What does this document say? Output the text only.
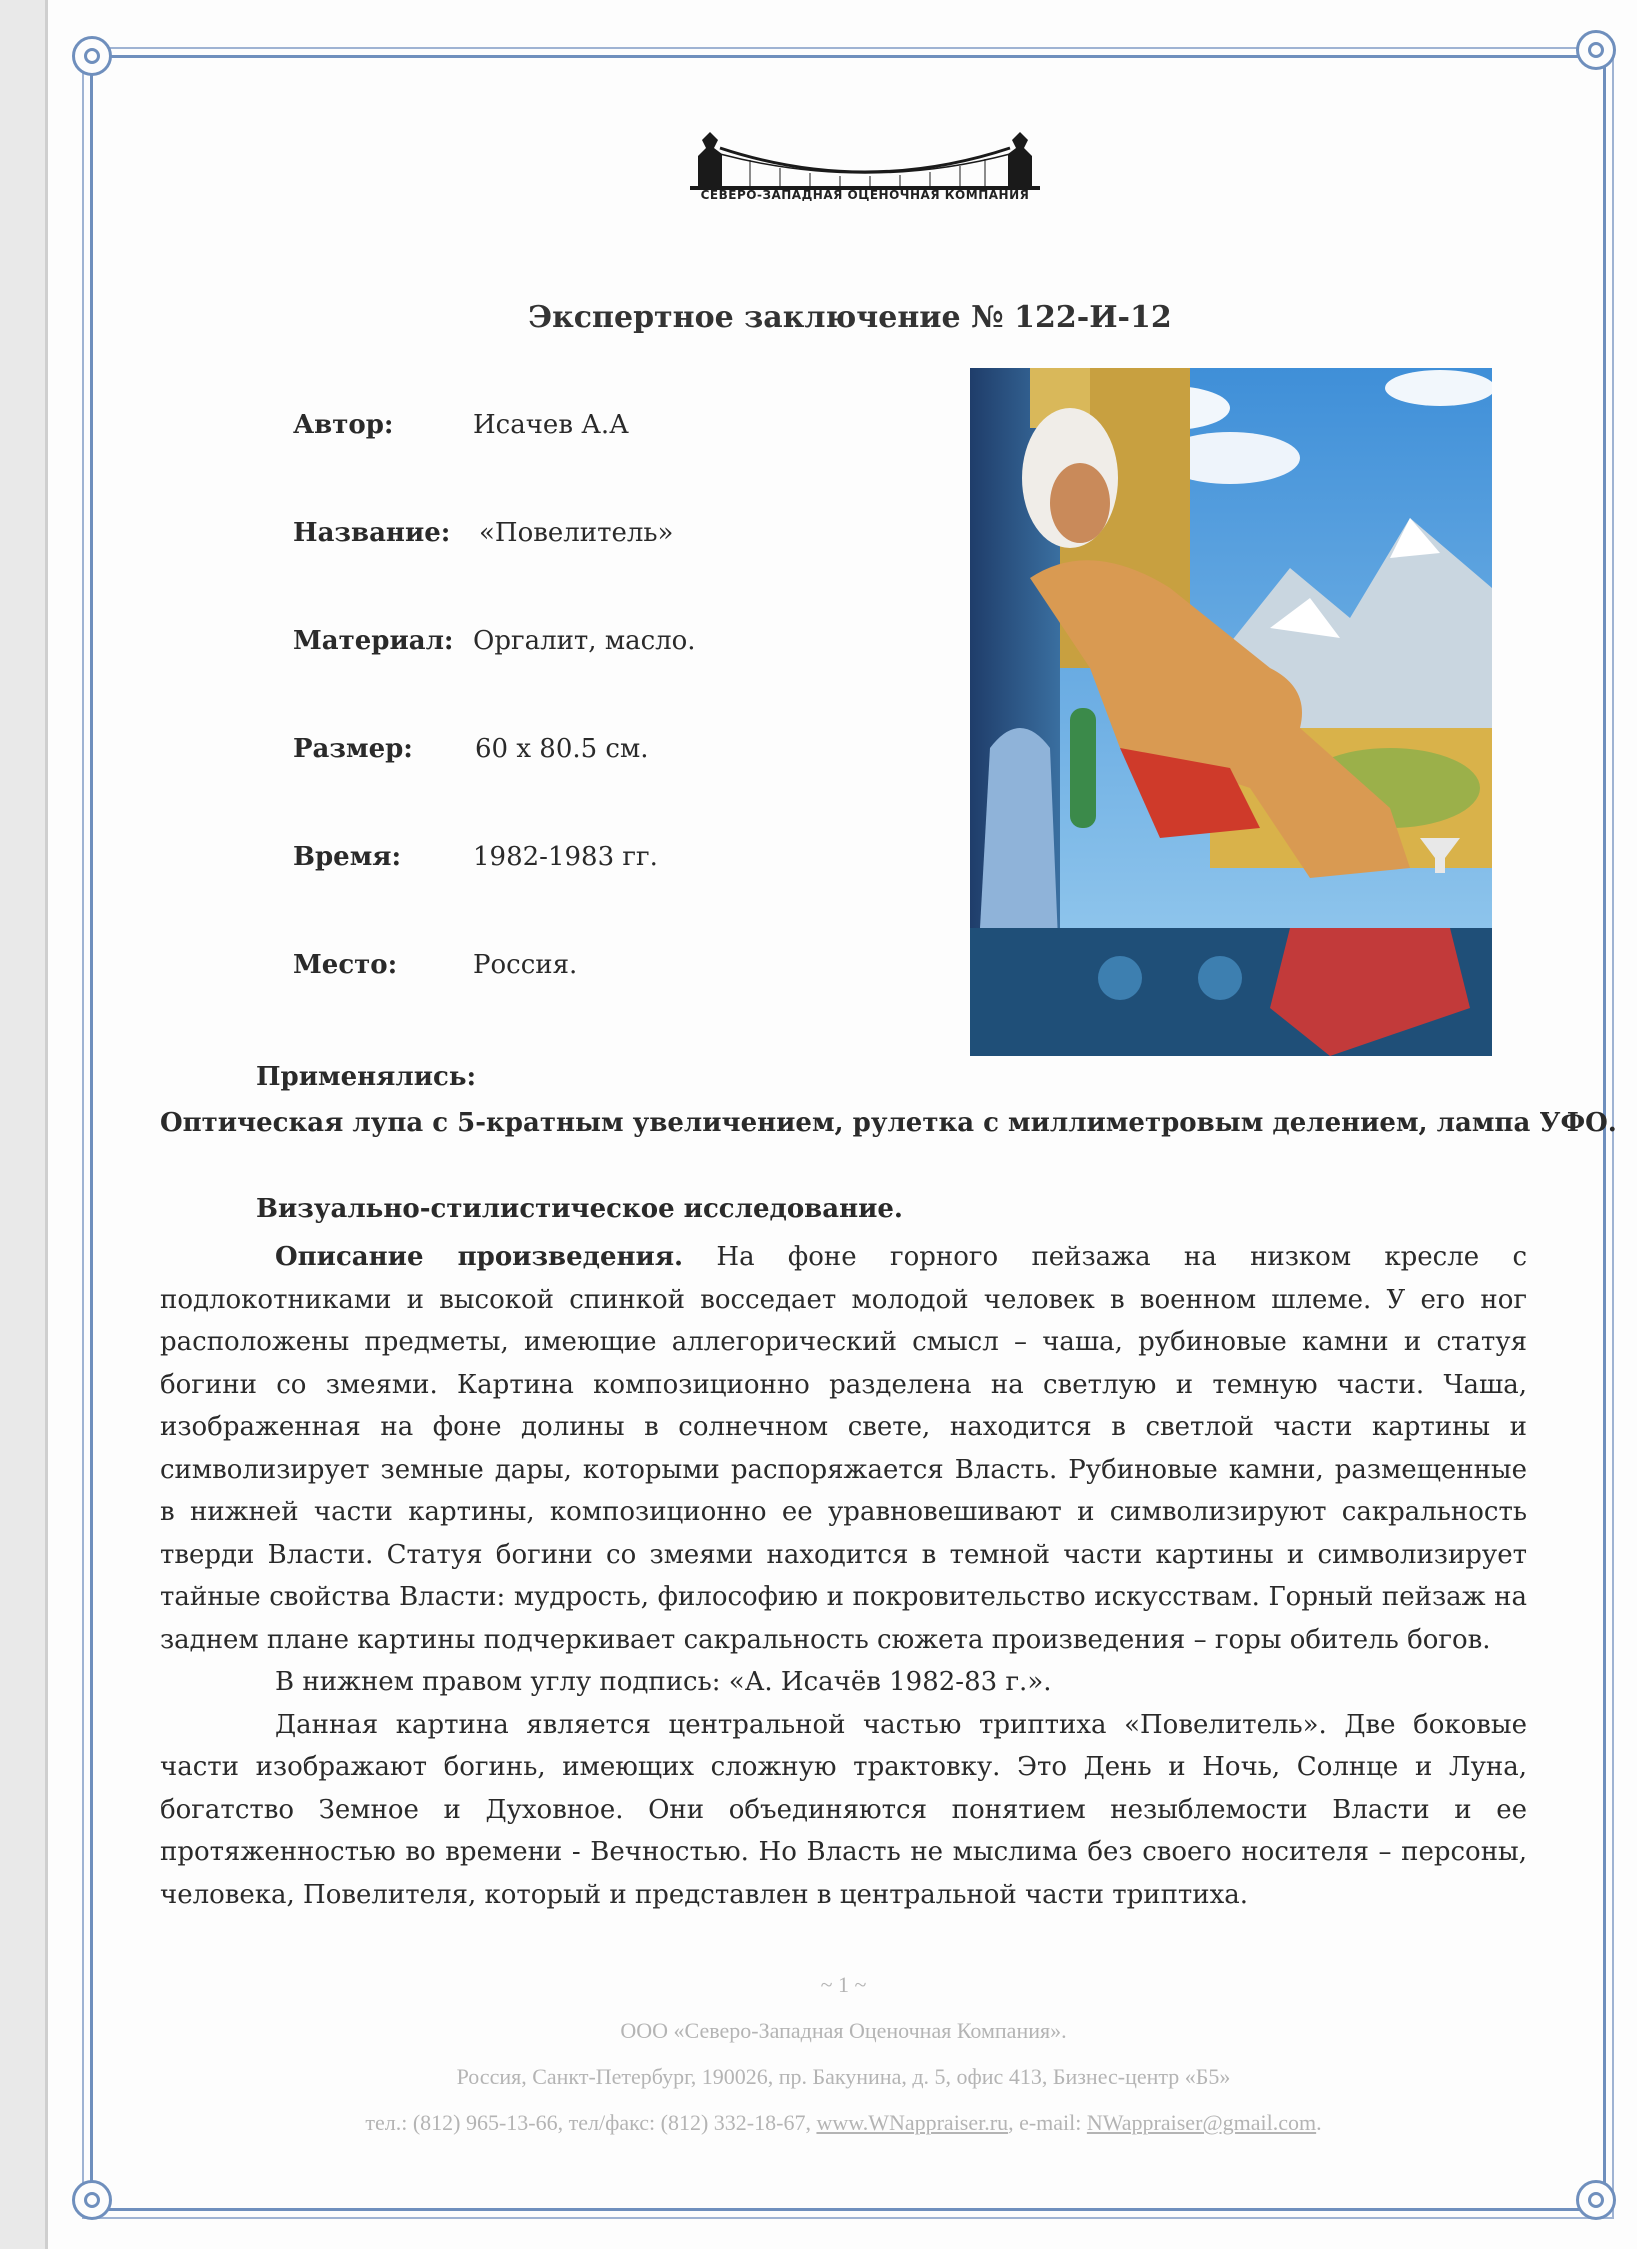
СЕВЕРО-ЗАПАДНАЯ ОЦЕНОЧНАЯ КОМПАНИЯ
Экспертное заключение № 122-И-12
Автор:	Исачев А.А
Название: «Повелитель»
Материал: Оргалит, масло.
Размер: 60 х 80.5 см.
Время:	1982-1983 гг.
Место:	Россия.
Применялись:
Оптическая лупа с 5-кратным увеличением, рулетка с миллиметровым делением, лампа УФО.
Визуально-стилистическое исследование.

Описание произведения. На фоне горного пейзажа на низком кресле с подлокотниками и высокой спинкой восседает молодой человек в военном шлеме. У его ног расположены предметы, имеющие аллегорический смысл – чаша, рубиновые камни и статуя богини со змеями. Картина композиционно разделена на светлую и темную части. Чаша, изображенная на фоне долины в солнечном свете, находится в светлой части картины и символизирует земные дары, которыми распоряжается Власть. Рубиновые камни, размещенные в нижней части картины, композиционно ее уравновешивают и символизируют сакральность тверди Власти. Статуя богини со змеями находится в темной части картины и символизирует тайные свойства Власти: мудрость, философию и покровительство искусствам. Горный пейзаж на заднем плане картины подчеркивает сакральность сюжета произведения – горы обитель богов.

В нижнем правом углу подпись: «А. Исачёв 1982-83 г.».

Данная картина является центральной частью триптиха «Повелитель». Две боковые части изображают богинь, имеющих сложную трактовку. Это День и Ночь, Солнце и Луна, богатство Земное и Духовное. Они объединяются понятием незыблемости Власти и ее протяженностью во времени - Вечностью. Но Власть не мыслима без своего носителя – персоны, человека, Повелителя, который и представлен в центральной части триптиха.

~ 1 ~
ООО «Северо-Западная Оценочная Компания».
Россия, Санкт-Петербург, 190026, пр. Бакунина, д. 5, офис 413, Бизнес-центр «Б5»
тел.: (812) 965-13-66, тел/факс: (812) 332-18-67, www.WNappraiser.ru, e-mail: NWappraiser@gmail.com.
